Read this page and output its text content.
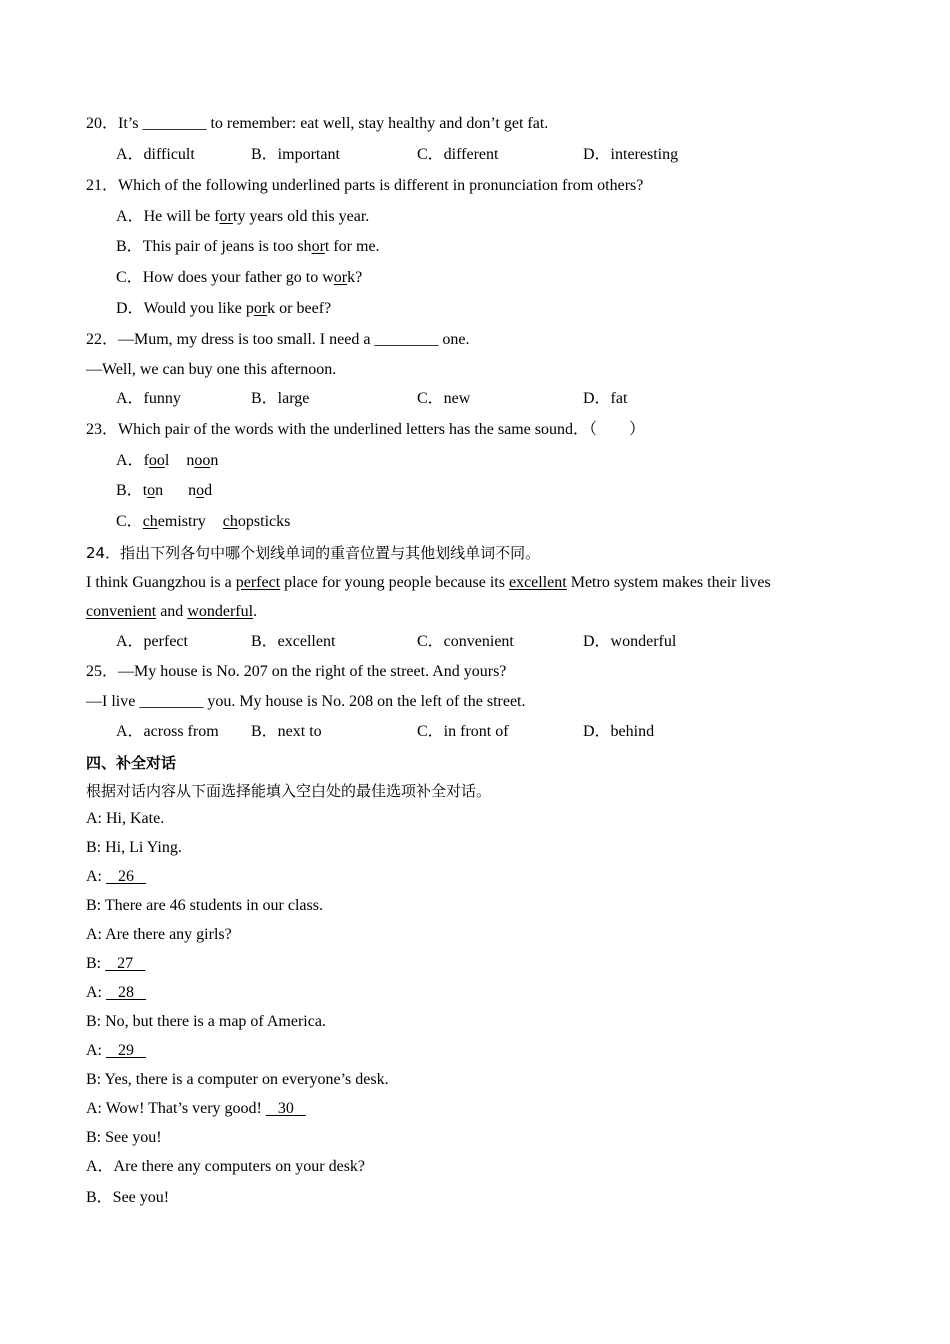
20．It’s ________ to remember: eat well, stay healthy and don’t get fat.
A．difficult	B．important	C．different	D．interesting
21．Which of the following underlined parts is different in pronunciation from others?
A．He will be forty years old this year.
B．This pair of jeans is too short for me.
C．How does your father go to work?
D．Would you like pork or beef?
22．—Mum, my dress is too small. I need a ________ one.
—Well, we can buy one this afternoon.
A．funny	B．large	C．new	D．fat
23．Which pair of the words with the underlined letters has the same sound．（　　）
A．fool noon
B．ton nod
C．chemistry chopsticks
24．指出下列各句中哪个划线单词的重音位置与其他划线单词不同。
I think Guangzhou is a perfect place for young people because its excellent Metro system makes their lives
convenient and wonderful.
A．perfect	B．excellent	C．convenient	D．wonderful
25．—My house is No. 207 on the right of the street. And yours?
—I live ________ you. My house is No. 208 on the left of the street.
A．across from B．next to	C．in front of	D．behind
四、补全对话
根据对话内容从下面选择能填入空白处的最佳选项补全对话。
A: Hi, Kate.
B: Hi, Li Ying.
A:    26
B: There are 46 students in our class.
A: Are there any girls?
B:    27
A:    28
B: No, but there is a map of America.
A:    29
B: Yes, there is a computer on everyone’s desk.
A: Wow! That’s very good!    30
B: See you!
A．Are there any computers on your desk?
B．See you!
